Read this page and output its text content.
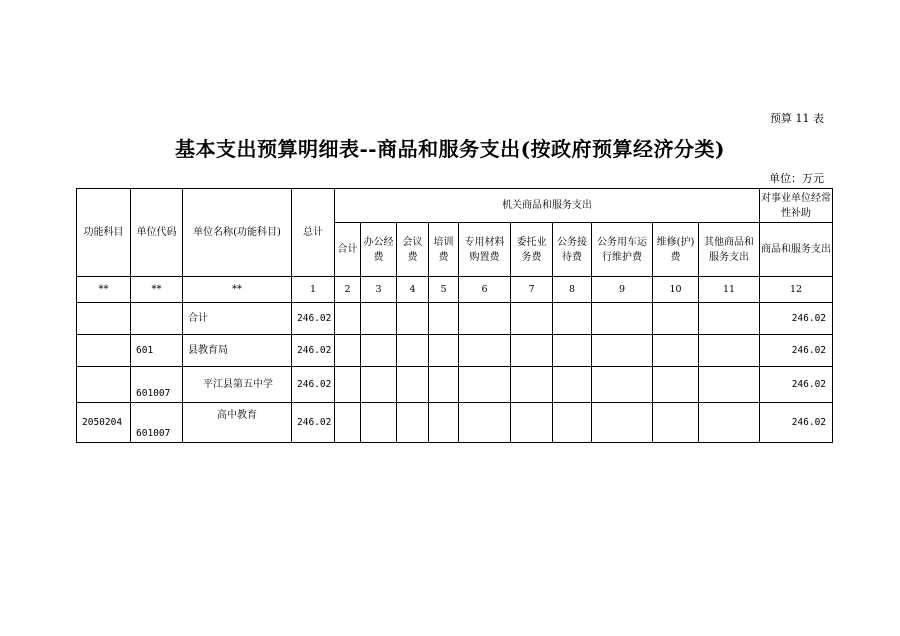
预算 11 表
基本支出预算明细表--商品和服务支出(按政府预算经济分类)
单位：万元
功能科目	单位代码	单位名称(功能科目)	总计	机关商品和服务支出										对事业单位经常性补助
				合计	办公经费	会议费	培训费	专用材料购置费	委托业务费	公务接待费	公务用车运行维护费	维修(护)费	其他商品和服务支出	商品和服务支出
**	**	**	1	2	3	4	5	6	7	8	9	10	11	12
		合计	246.02											246.02
	601	县教育局	246.02											246.02
	601007	平江县第五中学	246.02											246.02
2050204	601007	高中教育	246.02											246.02
